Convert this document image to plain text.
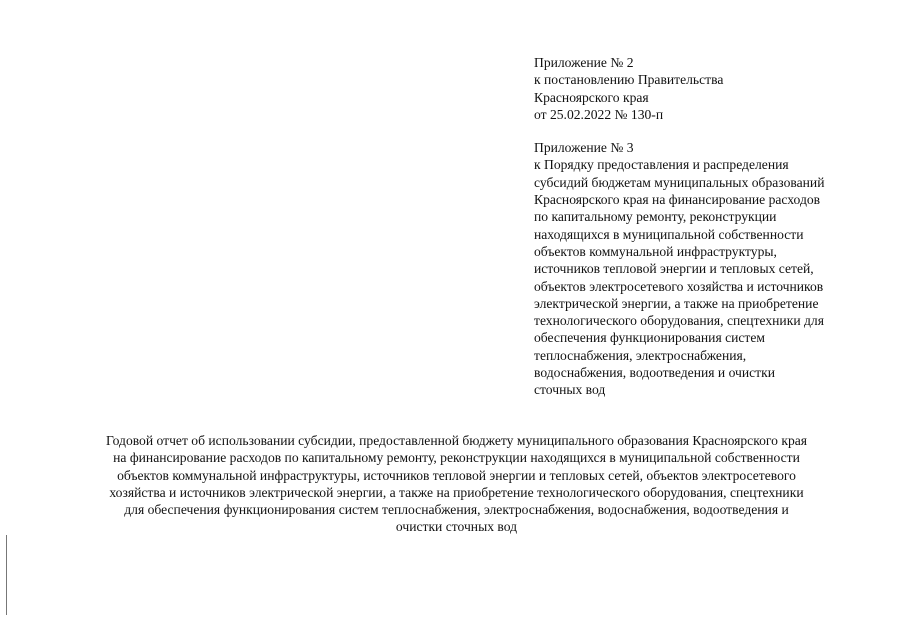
Приложение № 2
к постановлению Правительства
Красноярского края
от 25.02.2022 № 130-п
Приложение № 3
к Порядку предоставления и распределения
субсидий бюджетам муниципальных образований
Красноярского края на финансирование расходов
по капитальному ремонту, реконструкции
находящихся в муниципальной собственности
объектов коммунальной инфраструктуры,
источников тепловой энергии и тепловых сетей,
объектов электросетевого хозяйства и источников
электрической энергии, а также на приобретение
технологического оборудования, спецтехники для
обеспечения функционирования систем
теплоснабжения, электроснабжения,
водоснабжения, водоотведения и очистки
сточных вод
Годовой отчет об использовании субсидии, предоставленной бюджету муниципального образования Красноярского края
на финансирование расходов по капитальному ремонту, реконструкции находящихся в муниципальной собственности
объектов коммунальной инфраструктуры, источников тепловой энергии и тепловых сетей, объектов электросетевого
хозяйства и источников электрической энергии, а также на приобретение технологического оборудования, спецтехники
для обеспечения функционирования систем теплоснабжения, электроснабжения, водоснабжения, водоотведения и
очистки сточных вод
